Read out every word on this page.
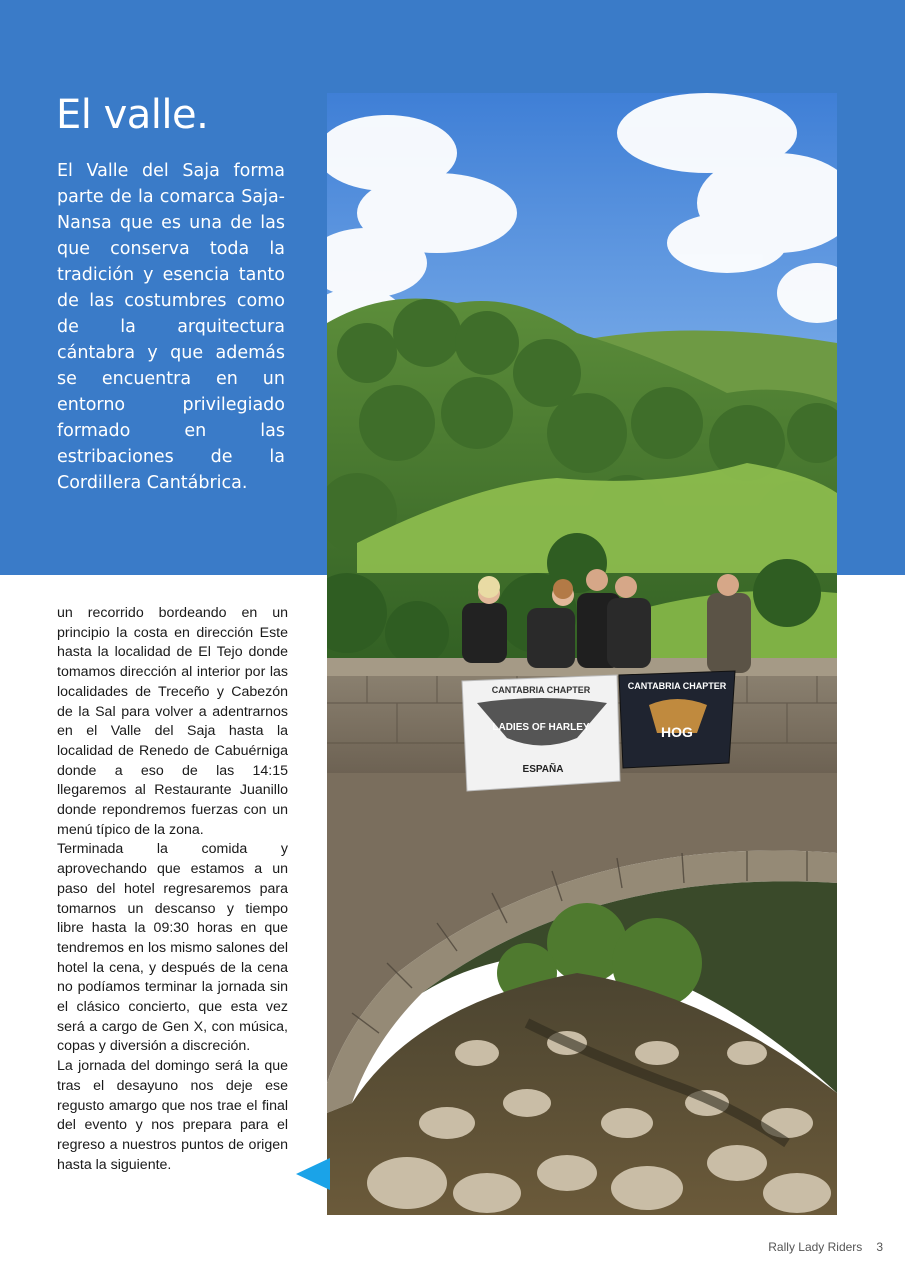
El valle.

El Valle del Saja forma parte de la comarca Saja-Nansa que es una de las que conserva toda la tradición y esencia tanto de las costumbres como de la arquitectura cántabra y que además se encuentra en un entorno privilegiado formado en las estribaciones de la Cordillera Cantábrica.

un recorrido bordeando en un principio la costa en dirección Este hasta la localidad de El Tejo donde tomamos dirección al interior por las localidades de Treceño y Cabezón de la Sal para volver a adentrarnos en el Valle del Saja hasta la localidad de Renedo de Cabuérniga donde a eso de las 14:15 llegaremos al Restaurante Juanillo donde repondremos fuerzas con un menú típico de la zona.

Terminada la comida y aprovechando que estamos a un paso del hotel regresaremos para tomarnos un descanso y tiempo libre hasta la 09:30 horas en que tendremos en los mismo salones del hotel la cena, y después de la cena no podíamos terminar la jornada sin el clásico concierto, que esta vez será a cargo de Gen X, con música, copas y diversión a discreción.

La jornada del domingo será la que tras el desayuno nos deje ese regusto amargo que nos trae el final del evento y nos prepara para el regreso a nuestros puntos de origen hasta la siguiente.

CANTABRIA CHAPTER
LADIES OF HARLEY
ESPAÑA
CANTABRIA CHAPTER
HOG
Rally Lady Riders 3
